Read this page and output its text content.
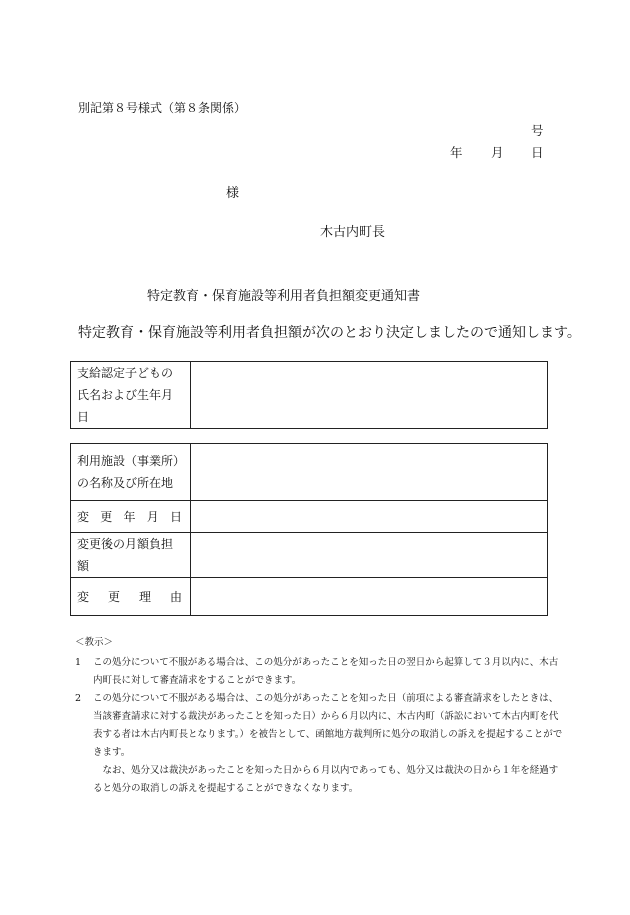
別記第８号様式（第８条関係）
号
年 月 日
様
木古内町長
特定教育・保育施設等利用者負担額変更通知書
特定教育・保育施設等利用者負担額が次のとおり決定しましたので通知します。
支給認定子どもの
氏名および生年月日

利用施設（事業所）
の名称及び所在地	

変 更 年 月 日	

変更後の月額負担額	

変 更 理 由	

＜教示＞
1	この処分について不服がある場合は、この処分があったことを知った日の翌日から起算して３月以内に、木古内町長に対して審査請求をすることができます。
2	この処分について不服がある場合は、この処分があったことを知った日（前項による審査請求をしたときは、当該審査請求に対する裁決があったことを知った日）から６月以内に、木古内町（訴訟において木古内町を代表する者は木古内町長となります。）を被告として、函館地方裁判所に処分の取消しの訴えを提起することができます。
なお、処分又は裁決があったことを知った日から６月以内であっても、処分又は裁決の日から１年を経過すると処分の取消しの訴えを提起することができなくなります。
